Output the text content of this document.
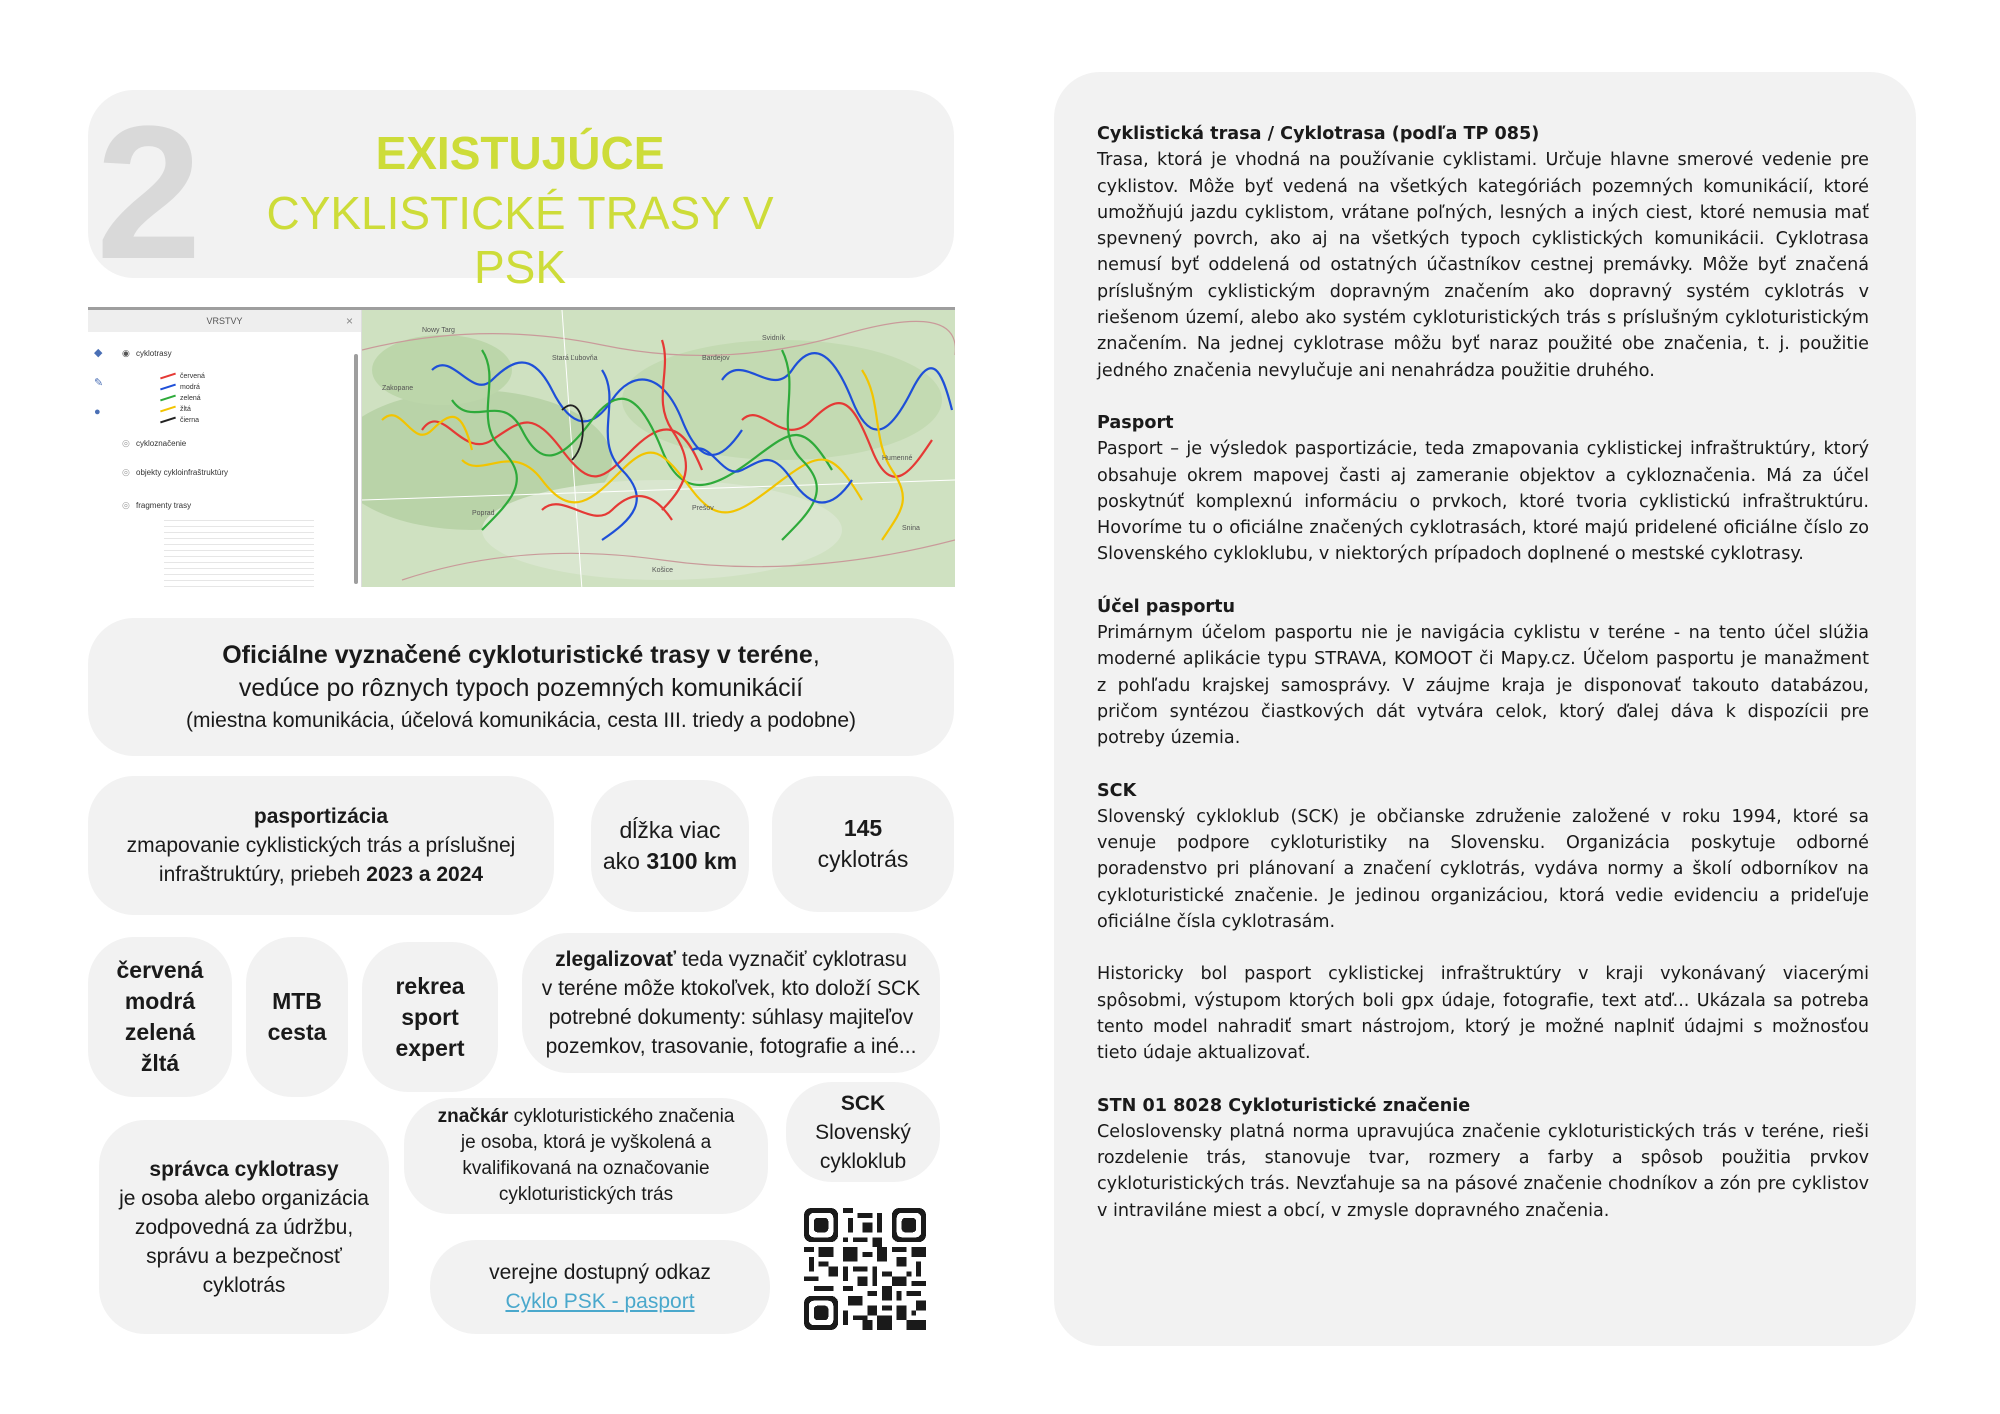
2	EXISTUJÚCE
CYKLISTICKÉ TRASY V PSK
VRSTVY	×
◆
✎
●
◉ cyklotrasy
červená
modrá
zelená
žltá
čierna
◎ cykloznačenie
◎ objekty cykloinfraštruktúry
◎ fragmenty trasy
Nowy Targ
Zakopane
Poprad
Prešov
Humenné
Svidník
Stará Ľubovňa
Košice
Bardejov
Snina
Oficiálne vyznačené cykloturistické trasy v teréne,
vedúce po rôznych typoch pozemných komunikácií
(miestna komunikácia, účelová komunikácia, cesta III. triedy a podobne)
pasportizácia
zmapovanie cyklistických trás a príslušnej
infraštruktúry, priebeh 2023 a 2024
dĺžka viac
ako 3100 km
145
cyklotrás
červená
modrá
zelená
žltá
MTB
cesta
rekrea
sport
expert
zlegalizovať teda vyznačiť cyklotrasu
v teréne môže ktokoľvek, kto doloží SCK
potrebné dokumenty: súhlasy majiteľov
pozemkov, trasovanie, fotografie a iné...
správca cyklotrasy
je osoba alebo organizácia
zodpovedná za údržbu,
správu a bezpečnosť
cyklotrás
značkár cykloturistického značenia
je osoba, ktorá je vyškolená a
kvalifikovaná na označovanie
cykloturistických trás
SCK
Slovenský
cykloklub
verejne dostupný odkaz
Cyklo PSK - pasport
Cyklistická trasa / Cyklotrasa (podľa TP 085)

Trasa, ktorá je vhodná na používanie cyklistami. Určuje hlavne smerové vedenie pre cyklistov. Môže byť vedená na všetkých kategóriách pozemných komunikácií, ktoré umožňujú jazdu cyklistom, vrátane poľných, lesných a iných ciest, ktoré nemusia mať spevnený povrch, ako aj na všetkých typoch cyklistických komunikácii. Cyklotrasa nemusí byť oddelená od ostatných účastníkov cestnej premávky. Môže byť značená príslušným cyklistickým dopravným značením ako dopravný systém cyklotrás v riešenom území, alebo ako systém cykloturistických trás s príslušným cykloturistickým značením. Na jednej cyklotrase môžu byť naraz použité obe značenia, t. j. použitie jedného značenia nevylučuje ani nenahrádza použitie druhého.

Pasport

Pasport – je výsledok pasportizácie, teda zmapovania cyklistickej infraštruktúry, ktorý obsahuje okrem mapovej časti aj zameranie objektov a cykloznačenia. Má za účel poskytnúť komplexnú informáciu o prvkoch, ktoré tvoria cyklistickú infraštruktúru. Hovoríme tu o oficiálne značených cyklotrasách, ktoré majú pridelené oficiálne číslo zo Slovenského cykloklubu, v niektorých prípadoch doplnené o mestské cyklotrasy.

Účel pasportu

Primárnym účelom pasportu nie je navigácia cyklistu v teréne - na tento účel slúžia moderné aplikácie typu STRAVA, KOMOOT či Mapy.cz. Účelom pasportu je manažment z pohľadu krajskej samosprávy. V záujme kraja je disponovať takouto databázou, pričom syntézou čiastkových dát vytvára celok, ktorý ďalej dáva k dispozícii pre potreby územia.

SCK

Slovenský cykloklub (SCK) je občianske združenie založené v roku 1994, ktoré sa venuje podpore cykloturistiky na Slovensku. Organizácia poskytuje odborné poradenstvo pri plánovaní a značení cyklotrás, vydáva normy a školí odborníkov na cykloturistické značenie. Je jedinou organizáciou, ktorá vedie evidenciu a prideľuje oficiálne čísla cyklotrasám.

Historicky bol pasport cyklistickej infraštruktúry v kraji vykonávaný viacerými spôsobmi, výstupom ktorých boli gpx údaje, fotografie, text atď... Ukázala sa potreba tento model nahradiť smart nástrojom, ktorý je možné naplniť údajmi s možnosťou tieto údaje aktualizovať.

STN 01 8028 Cykloturistické značenie

Celoslovensky platná norma upravujúca značenie cykloturistických trás v teréne, rieši rozdelenie trás, stanovuje tvar, rozmery a farby a spôsob použitia prvkov cykloturistických trás. Nevzťahuje sa na pásové značenie chodníkov a zón pre cyklistov v intraviláne miest a obcí, v zmysle dopravného značenia.
